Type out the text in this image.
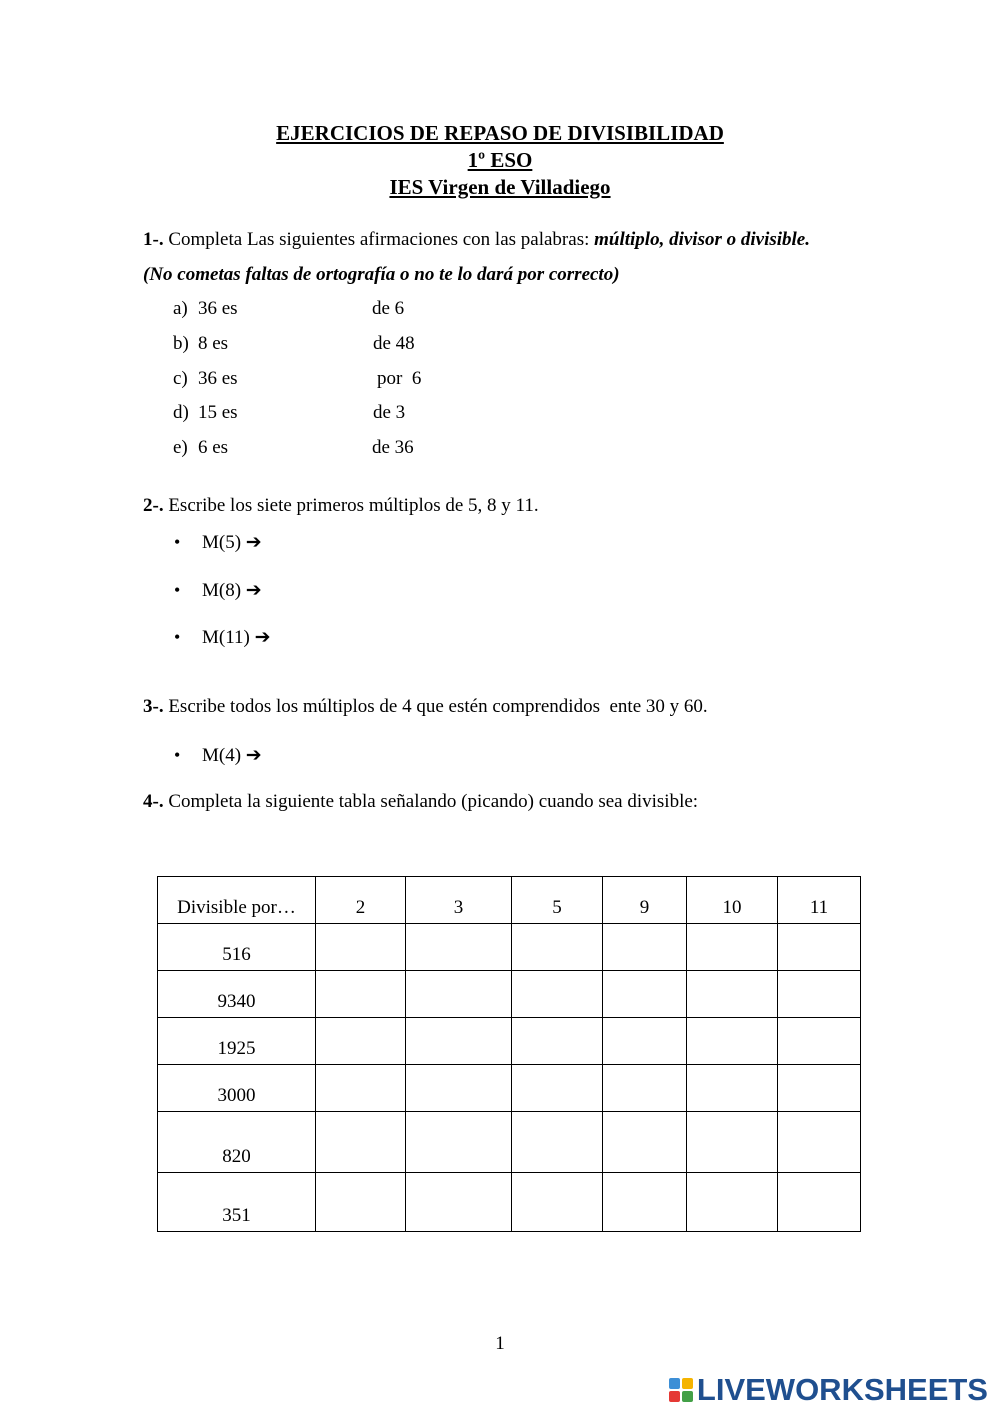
EJERCICIOS DE REPASO DE DIVISIBILIDAD
1º ESO
IES Virgen de Villadiego
1-. Completa Las siguientes afirmaciones con las palabras: múltiplo, divisor o divisible.
(No cometas faltas de ortografía o no te lo dará por correcto)
a) 36 es	de 6
b) 8 es	de 48
c) 36 es	por  6
d) 15 es	de 3
e) 6 es	de 36
2-. Escribe los siete primeros múltiplos de 5, 8 y 11.
• M(5) ➔
• M(8) ➔
• M(11) ➔
3-. Escribe todos los múltiplos de 4 que estén comprendidos  ente 30 y 60.
• M(4) ➔
4-. Completa la siguiente tabla señalando (picando) cuando sea divisible:
Divisible por…	2	3	5	9	10	11
516						
9340						
1925						
3000						
820						
351						
1
LIVEWORKSHEETS
